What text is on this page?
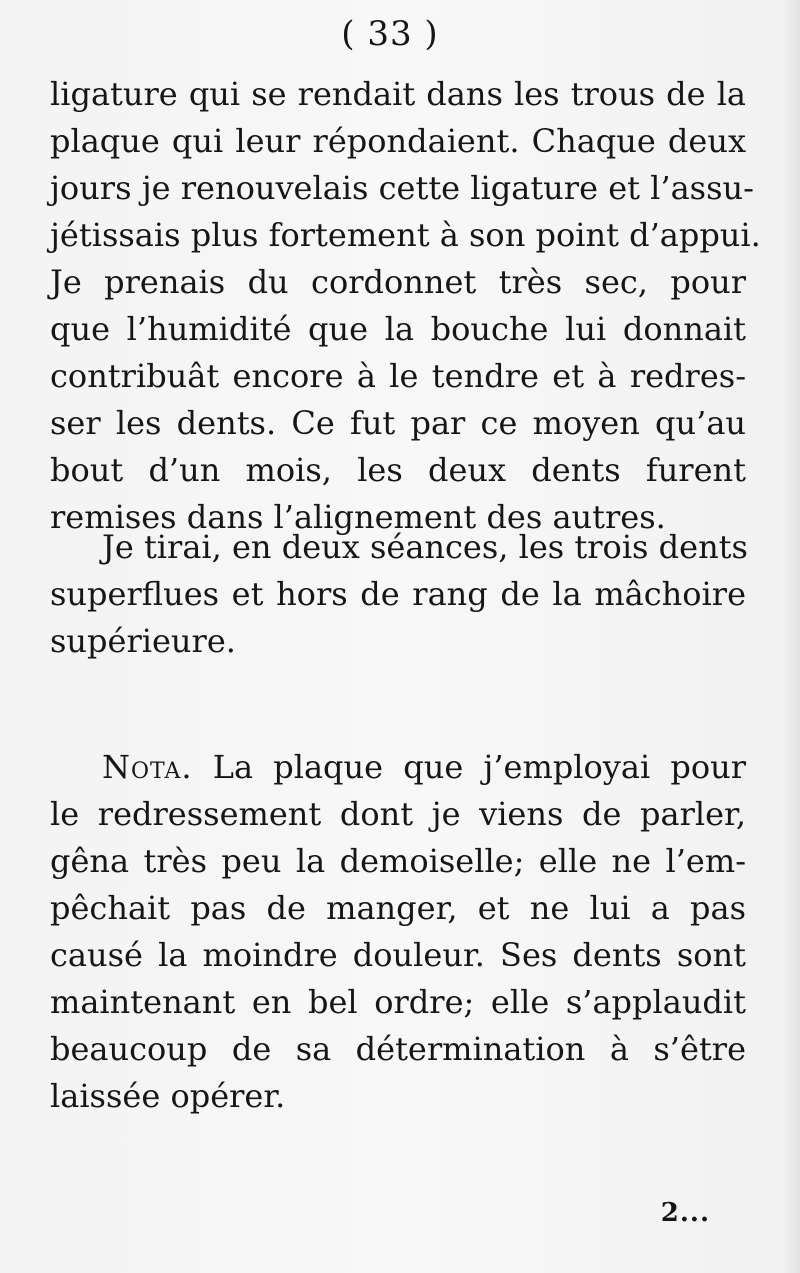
( 33 )
ligature qui se rendait dans les trous de la
plaque qui leur répondaient. Chaque deux
jours je renouvelais cette ligature et l’assu-
jétissais plus fortement à son point d’appui.
Je prenais du cordonnet très sec, pour
que l’humidité que la bouche lui donnait
contribuât encore à le tendre et à redres-
ser les dents. Ce fut par ce moyen qu’au
bout d’un mois, les deux dents furent
remises dans l’alignement des autres.
Je tirai, en deux séances, les trois dents
superflues et hors de rang de la mâchoire
supérieure.
Nota. La plaque que j’employai pour
le redressement dont je viens de parler,
gêna très peu la demoiselle; elle ne l’em-
pêchait pas de manger, et ne lui a pas
causé la moindre douleur. Ses dents sont
maintenant en bel ordre; elle s’applaudit
beaucoup de sa détermination à s’être
laissée opérer.
2...
